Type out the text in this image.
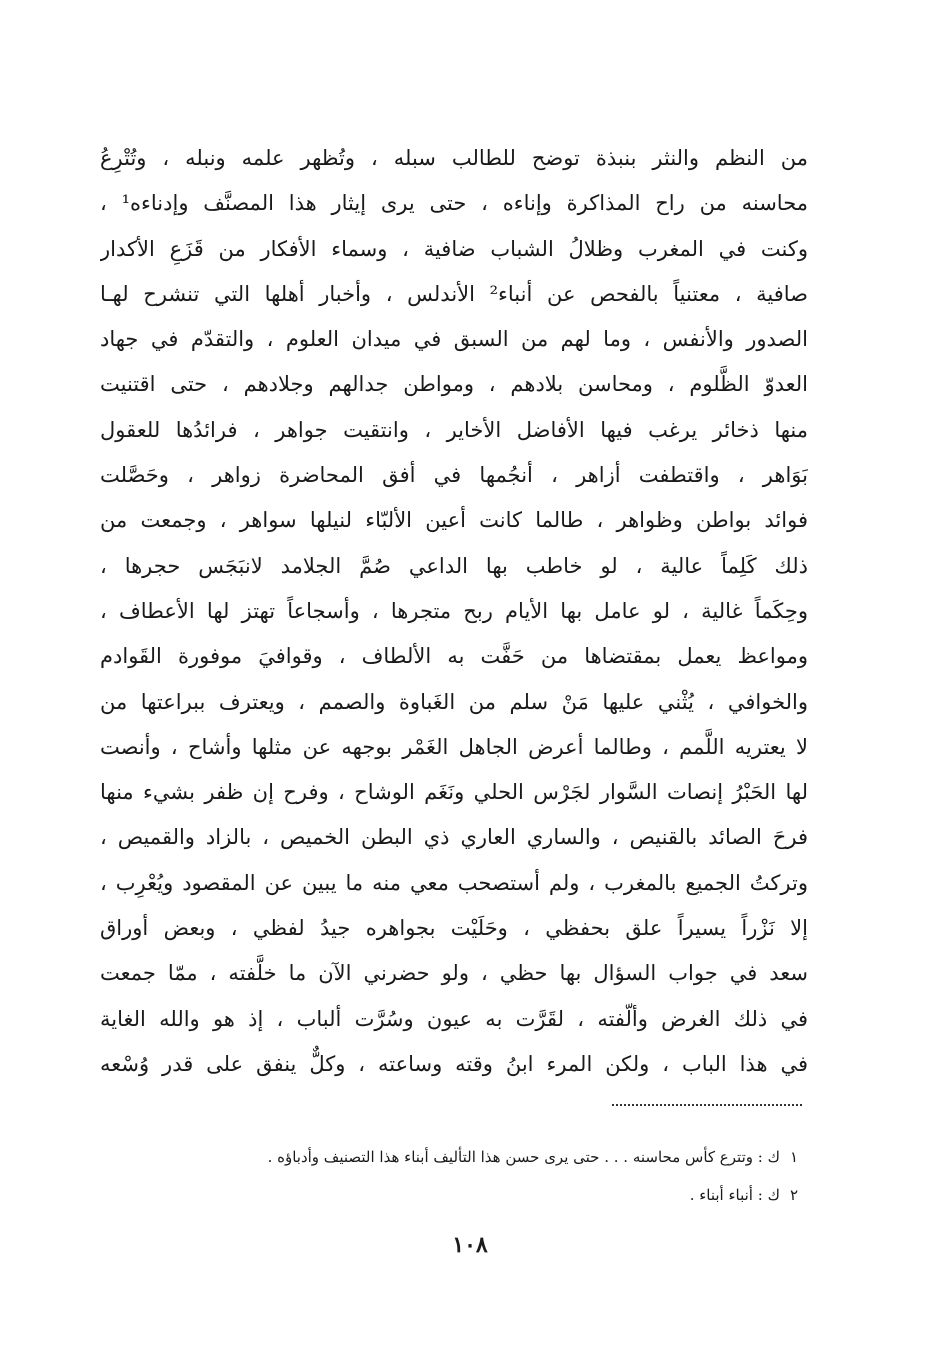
من النظم والنثر بنبذة توضح للطالب سبله ، وتُظهر علمه ونبله ، وتُتْرِعُ
محاسنه من راح المذاكرة وإناءه ، حتى يرى إيثار هذا المصنَّف وإدناءه¹ ،
وكنت في المغرب وظلالُ الشباب ضافية ، وسماء الأفكار من قَزَعِ الأكدار
صافية ، معتنياً بالفحص عن أنباء² الأندلس ، وأخبار أهلها التي تنشرح لهـا
الصدور والأنفس ، وما لهم من السبق في ميدان العلوم ، والتقدّم في جهاد
العدوّ الظَّلوم ، ومحاسن بلادهم ، ومواطن جدالهم وجلادهم ، حتى اقتنيت
منها ذخائر يرغب فيها الأفاضل الأخاير ، وانتقيت جواهر ، فرائدُها للعقول
بَوَاهر ، واقتطفت أزاهر ، أنجُمها في أفق المحاضرة زواهر ، وحَصَّلت
فوائد بواطن وظواهر ، طالما كانت أعين الألبّاء لنيلها سواهر ، وجمعت من
ذلك كَلِماً عالية ، لو خاطب بها الداعي صُمَّ الجلامد لانبَجَس حجرها ،
وحِكَماً غالية ، لو عامل بها الأيام ربح متجرها ، وأسجاعاً تهتز لها الأعطاف ،
ومواعظ يعمل بمقتضاها من حَفَّت به الألطاف ، وقوافيَ موفورة القَوادم
والخوافي ، يُثْني عليها مَنْ سلم من الغَباوة والصمم ، ويعترف ببراعتها من
لا يعتريه اللَّمم ، وطالما أعرض الجاهل الغَمْر بوجهه عن مثلها وأشاح ، وأنصت
لها الحَبْرُ إنصات السَّوار لجَرْس الحلي ونَغَم الوشاح ، وفرح إن ظفر بشيء منها
فرحَ الصائد بالقنيص ، والساري العاري ذي البطن الخميص ، بالزاد والقميص ،
وتركتُ الجميع بالمغرب ، ولم أستصحب معي منه ما يبين عن المقصود ويُعْرِب ،
إلا نَزْراً يسيراً علق بحفظي ، وحَلَيْت بجواهره جيدُ لفظي ، وبعض أوراق
سعد في جواب السؤال بها حظي ، ولو حضرني الآن ما خلَّفته ، ممّا جمعت
في ذلك الغرض وألّفته ، لقَرَّت به عيون وسُرَّت ألباب ، إذ هو والله الغاية
في هذا الباب ، ولكن المرء ابنُ وقته وساعته ، وكلٌّ ينفق على قدر وُسْعه
١ك : وتترع كأس محاسنه . . . حتى يرى حسن هذا التأليف أبناء هذا التصنيف وأدباؤه .
٢ك : أنباء أبناء .
١٠٨
